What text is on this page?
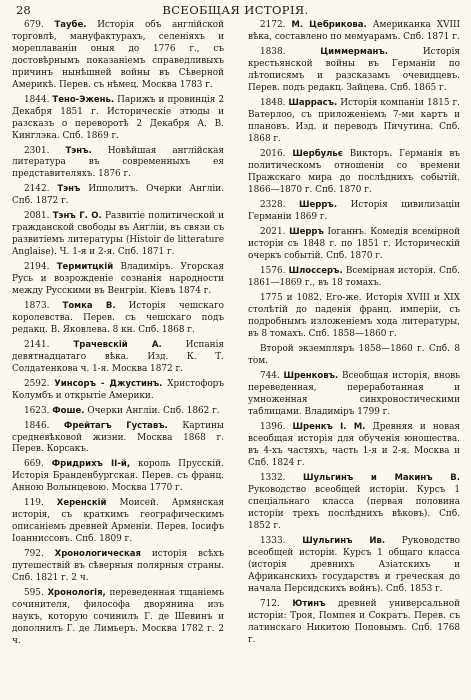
28	ВСЕОБЩАЯ ИСТОРІЯ.

679. Таубе. Исторія объ англійской торговлѣ, мануфактурахъ, селеніяхъ и мореплаваніи оныя до 1776 г., съ достовѣрнымъ показаніемъ справедливыхъ причинъ нынѣшней войны въ Сѣверной Америкѣ. Перев. съ нѣмец. Москва 1783 г.

1844. Тено-Эжень. Парижъ и провинція 2 Декабря 1851 г. Историческіе этюды и разсказъ о переворотѣ 2 Декабря А. В. Кинглэка. Спб. 1869 г.

2301. Тэнъ. Новѣйшая англійская литература въ современныхъ ея представителяхъ. 1876 г.

2142. Тэнъ Ипполитъ. Очерки Англіи. Спб. 1872 г.

2081. Тэнъ Г. О. Развитіе политической и гражданской свободы въ Англіи, въ связи съ развитіемъ литературы (Histoir de litterature Anglaise). Ч. 1-я и 2-я. Спб. 1871 г.

2194. Термитцкій Владиміръ. Угорская Русь и возрожденіе сознанія народности между Русскими въ Венгріи. Кіевъ 1874 г.

1873. Томка В. Исторія чешскаго королевства. Перев. съ чешскаго подъ редакц. В. Яковлева. 8 кн. Спб. 1868 г.

2141.	Трачевскій А.	Испанія девятнадцатаго вѣка. Изд. К. Т. Солдатенкова ч. 1-я. Москва 1872 г.

2592. Уинсоръ - Джустинъ. Христофоръ Колумбъ и открытіе Америки.

1623. Фоше. Очерки Англіи. Спб. 1862 г.

1846. Фрейтагъ Густавъ. Картины средневѣковой жизни. Москва 1868 г. Перев. Корсакъ.

669. Фридрихъ II-й, король Прусскій. Исторія Бранденбургская. Перев. съ франц. Аннoю Волынцевою. Москва 1770 г.

119. Херенскій Моисей. Армянская исторія, съ краткимъ географическимъ описаніемъ древней Арменіи. Перев. Іосифъ Іоанниссовъ. Спб. 1809 г.

792. Хронологическая исторія всѣхъ путешествій въ сѣверныя полярныя страны. Спб. 1821 г. 2 ч.

595. Хронологія, переведенная тщаніемъ сочинителя, философа дворянина изъ наукъ, которую сочинилъ Г. де Шевинъ и дополнилъ Г. де Лимьеръ. Москва 1782 г. 2 ч.

2172. М. Цебрикова. Американка XVIII вѣка, составлено по мемуарамъ. Спб. 1871 г.

1838.	Циммерманъ.	Исторія крестьянской войны въ Германіи по лѣтописямъ и разсказамъ очевидцевъ. Перев. подъ редакц. Зайцева. Спб. 1865 г.

1848. Шаррасъ. Исторія компаніи 1815 г. Ватерлоо, съ приложеніемъ 7-ми картъ и плановъ. Изд. и переводъ Пичутина. Спб. 1868 г.

2016. Шербульє Викторъ. Германія въ политическомъ отношеніи со времени Пражскаго мира до послѣднихъ событій. 1866—1870 г. Спб. 1870 г.

2328. Шерръ. Исторія цивилизаціи Германіи 1869 г.

2021. Шерръ Іоганнъ. Комедія всемірной исторіи съ 1848 г. по 1851 г. Историческій очеркъ событій. Спб. 1870 г.

1576. Шлоссеръ. Всемірная исторія. Спб. 1861—1869 г., въ 18 томахъ.

1775 и 1082. Его-же. Исторія XVIII и XIX столѣтій до паденія франц. имперіи, съ подробнымъ изложеніемъ хода литературы, въ 8 томахъ. Спб. 1858—1860 г.

Второй экземпляръ 1858—1860 г. Спб. 8 том.

744. Шренковъ. Всеобщая исторія, вновь переведенная, переработанная и умноженная синхроностическими таблицами. Владиміръ 1799 г.

1396. Шренкъ I. М. Древняя и новая всеобщая исторія для обученія юношества. въ 4-хъ частяхъ, часть 1-я и 2-я. Москва и Спб. 1824 г.

1332. Шульгинъ и Макинъ В. Руководство всеобщей исторіи. Курсъ 1 спеціальнаго класса (первая половина исторіи трехъ послѣднихъ вѣковъ). Спб. 1852 г.

1333. Шульгинъ Ив. Руководство всеобщей исторіи. Курсъ 1 общаго класса (исторія древнихъ Азіатскихъ и Африканскихъ государствъ и греческая до начала Персидскихъ войнъ). Спб. 1853 г.

712. Ютинъ древней универсальной исторіи: Троя, Помпея и Сократъ. Перев. съ латинскаго Никитою Поповымъ. Спб. 1768 г.
